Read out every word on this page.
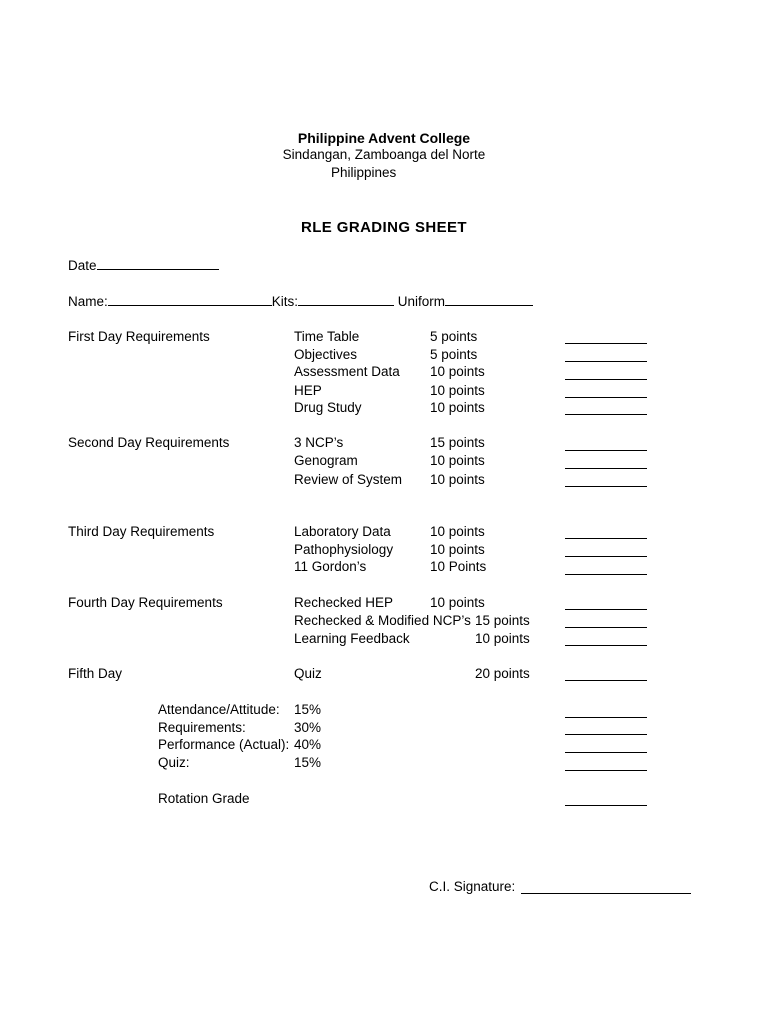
Philippine Advent College
Sindangan, Zamboanga del Norte
Philippines
RLE GRADING SHEET
Date
Name:	Kits:	Uniform
First Day Requirements	Time Table	5 points
Objectives	5 points
Assessment Data 10 points
HEP	10 points
Drug Study	10 points
Second Day Requirements	3 NCP’s	15 points
Genogram	10 points
Review of System 10 points
Third Day Requirements	Laboratory Data	10 points
Pathophysiology	10 points
11 Gordon’s	10 Points
Fourth Day Requirements	Rechecked HEP	10 points
Rechecked & Modified NCP’s 15 points
Learning Feedback	10 points
Fifth Day	Quiz	20 points
Attendance/Attitude: 15%
Requirements:	30%
Performance (Actual): 40%
Quiz:	15%
Rotation Grade
C.I. Signature:
